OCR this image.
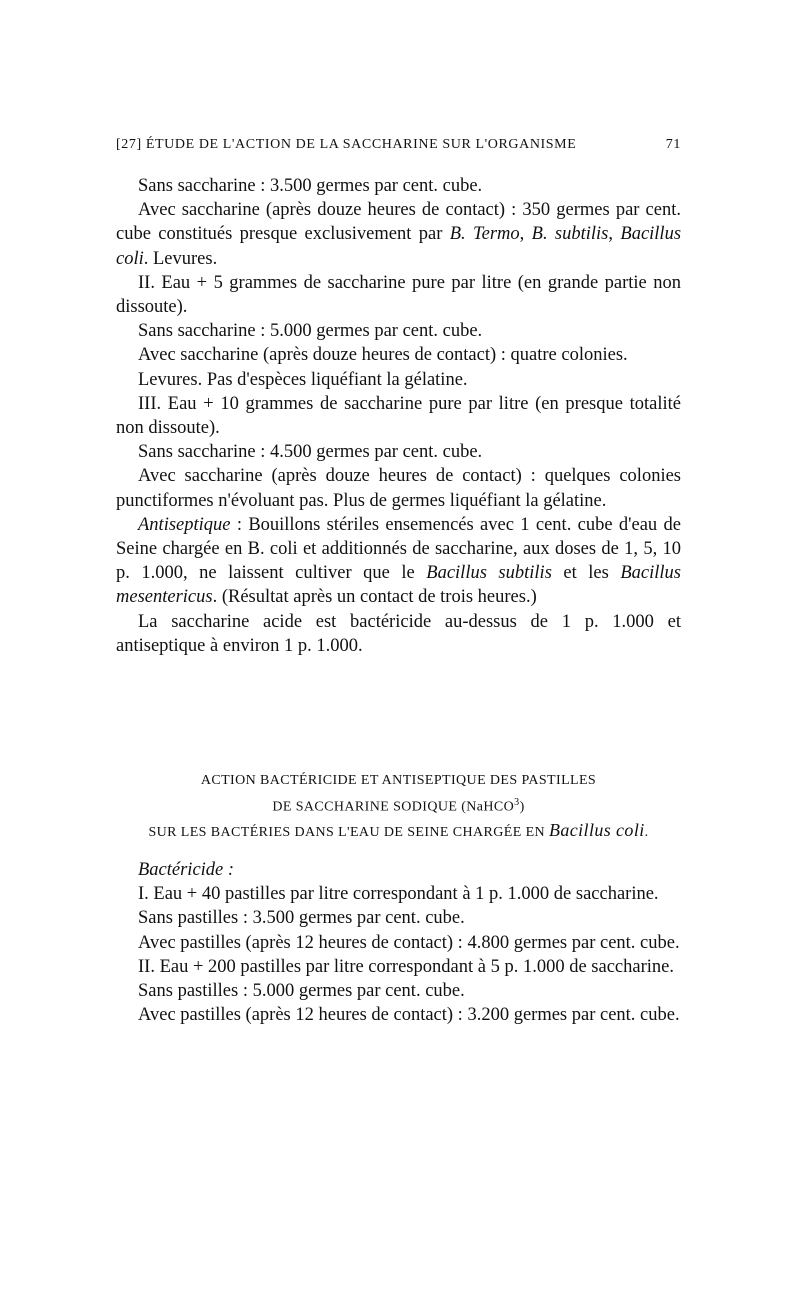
[27] ÉTUDE DE L'ACTION DE LA SACCHARINE SUR L'ORGANISME	71

Sans saccharine : 3.500 germes par cent. cube.

Avec saccharine (après douze heures de contact) : 350 germes par cent. cube constitués presque exclusivement par B. Termo, B. subtilis, Bacillus coli. Levures.

II. Eau + 5 grammes de saccharine pure par litre (en grande partie non dissoute).

Sans saccharine : 5.000 germes par cent. cube.

Avec saccharine (après douze heures de contact) : quatre colonies.

Levures. Pas d'espèces liquéfiant la gélatine.

III. Eau + 10 grammes de saccharine pure par litre (en presque totalité non dissoute).

Sans saccharine : 4.500 germes par cent. cube.

Avec saccharine (après douze heures de contact) : quelques colonies punctiformes n'évoluant pas. Plus de germes liquéfiant la gélatine.

Antiseptique : Bouillons stériles ensemencés avec 1 cent. cube d'eau de Seine chargée en B. coli et additionnés de saccharine, aux doses de 1, 5, 10 p. 1.000, ne laissent cultiver que le Bacillus subtilis et les Bacillus mesentericus. (Résultat après un contact de trois heures.)

La saccharine acide est bactéricide au-dessus de 1 p. 1.000 et antiseptique à environ 1 p. 1.000.

ACTION BACTÉRICIDE ET ANTISEPTIQUE DES PASTILLES

DE SACCHARINE SODIQUE (NaHCO$^3$)

SUR LES BACTÉRIES DANS L'EAU DE SEINE CHARGÉE EN Bacillus coli.

Bactéricide :

I. Eau + 40 pastilles par litre correspondant à 1 p. 1.000 de saccharine.

Sans pastilles : 3.500 germes par cent. cube.

Avec pastilles (après 12 heures de contact) : 4.800 germes par cent. cube.

II. Eau + 200 pastilles par litre correspondant à 5 p. 1.000 de saccharine.

Sans pastilles : 5.000 germes par cent. cube.

Avec pastilles (après 12 heures de contact) : 3.200 germes par cent. cube.
